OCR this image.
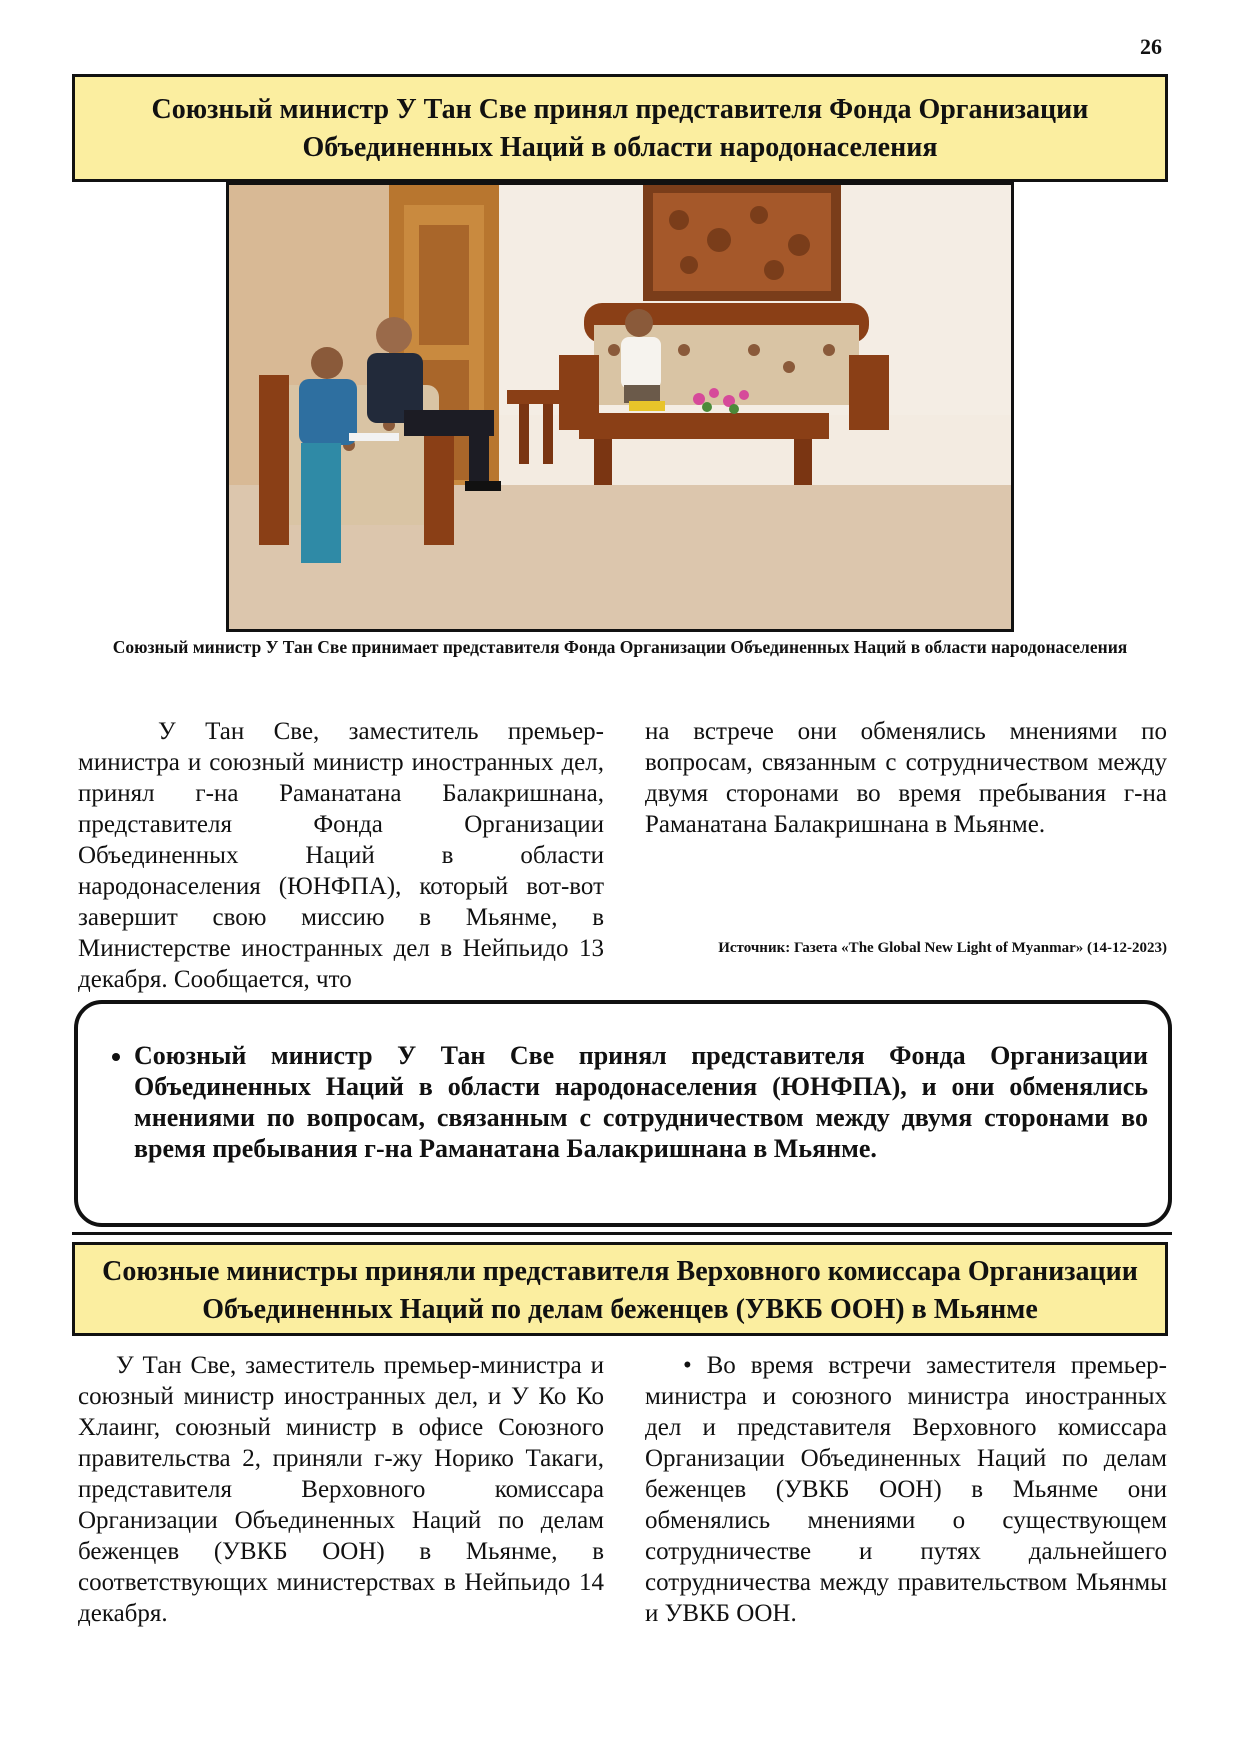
26
Союзный министр У Тан Све принял представителя Фонда Организации Объединенных Наций в области народонаселения
Союзный министр У Тан Све принимает представителя Фонда Организации Объединенных Наций в области народонаселения

У Тан Све, заместитель премьер-министра и союзный министр иностранных дел, принял г-на Раманатана Балакришнана, представителя Фонда Организации Объединенных Наций в области народонаселения (ЮНФПА), который вот-вот завершит свою миссию в Мьянме, в Министерстве иностранных дел в Нейпьидо 13 декабря. Сообщается, что

на встрече они обменялись мнениями по вопросам, связанным с сотрудничеством между двумя сторонами во время пребывания г-на Раманатана Балакришнана в Мьянме.

Источник: Газета «The Global New Light of Myanmar» (14-12-2023)
• Союзный министр У Тан Све принял представителя Фонда Организации Объединенных Наций в области народонаселения (ЮНФПА), и они обменялись мнениями по вопросам, связанным с сотрудничеством между двумя сторонами во время пребывания г-на Раманатана Балакришнана в Мьянме.
Союзные министры приняли представителя Верховного комиссара Организации Объединенных Наций по делам беженцев (УВКБ ООН) в Мьянме

У Тан Све, заместитель премьер-министра и союзный министр иностранных дел, и У Ко Ко Хлаинг, союзный министр в офисе Союзного правительства 2, приняли г-жу Норико Такаги, представителя Верховного комиссара Организации Объединенных Наций по делам беженцев (УВКБ ООН) в Мьянме, в соответствующих министерствах в Нейпьидо 14 декабря.

• Во время встречи заместителя премьер-министра и союзного министра иностранных дел и представителя Верховного комиссара Организации Объединенных Наций по делам беженцев (УВКБ ООН) в Мьянме они обменялись мнениями о существующем сотрудничестве и путях дальнейшего сотрудничества между правительством Мьянмы и УВКБ ООН.
